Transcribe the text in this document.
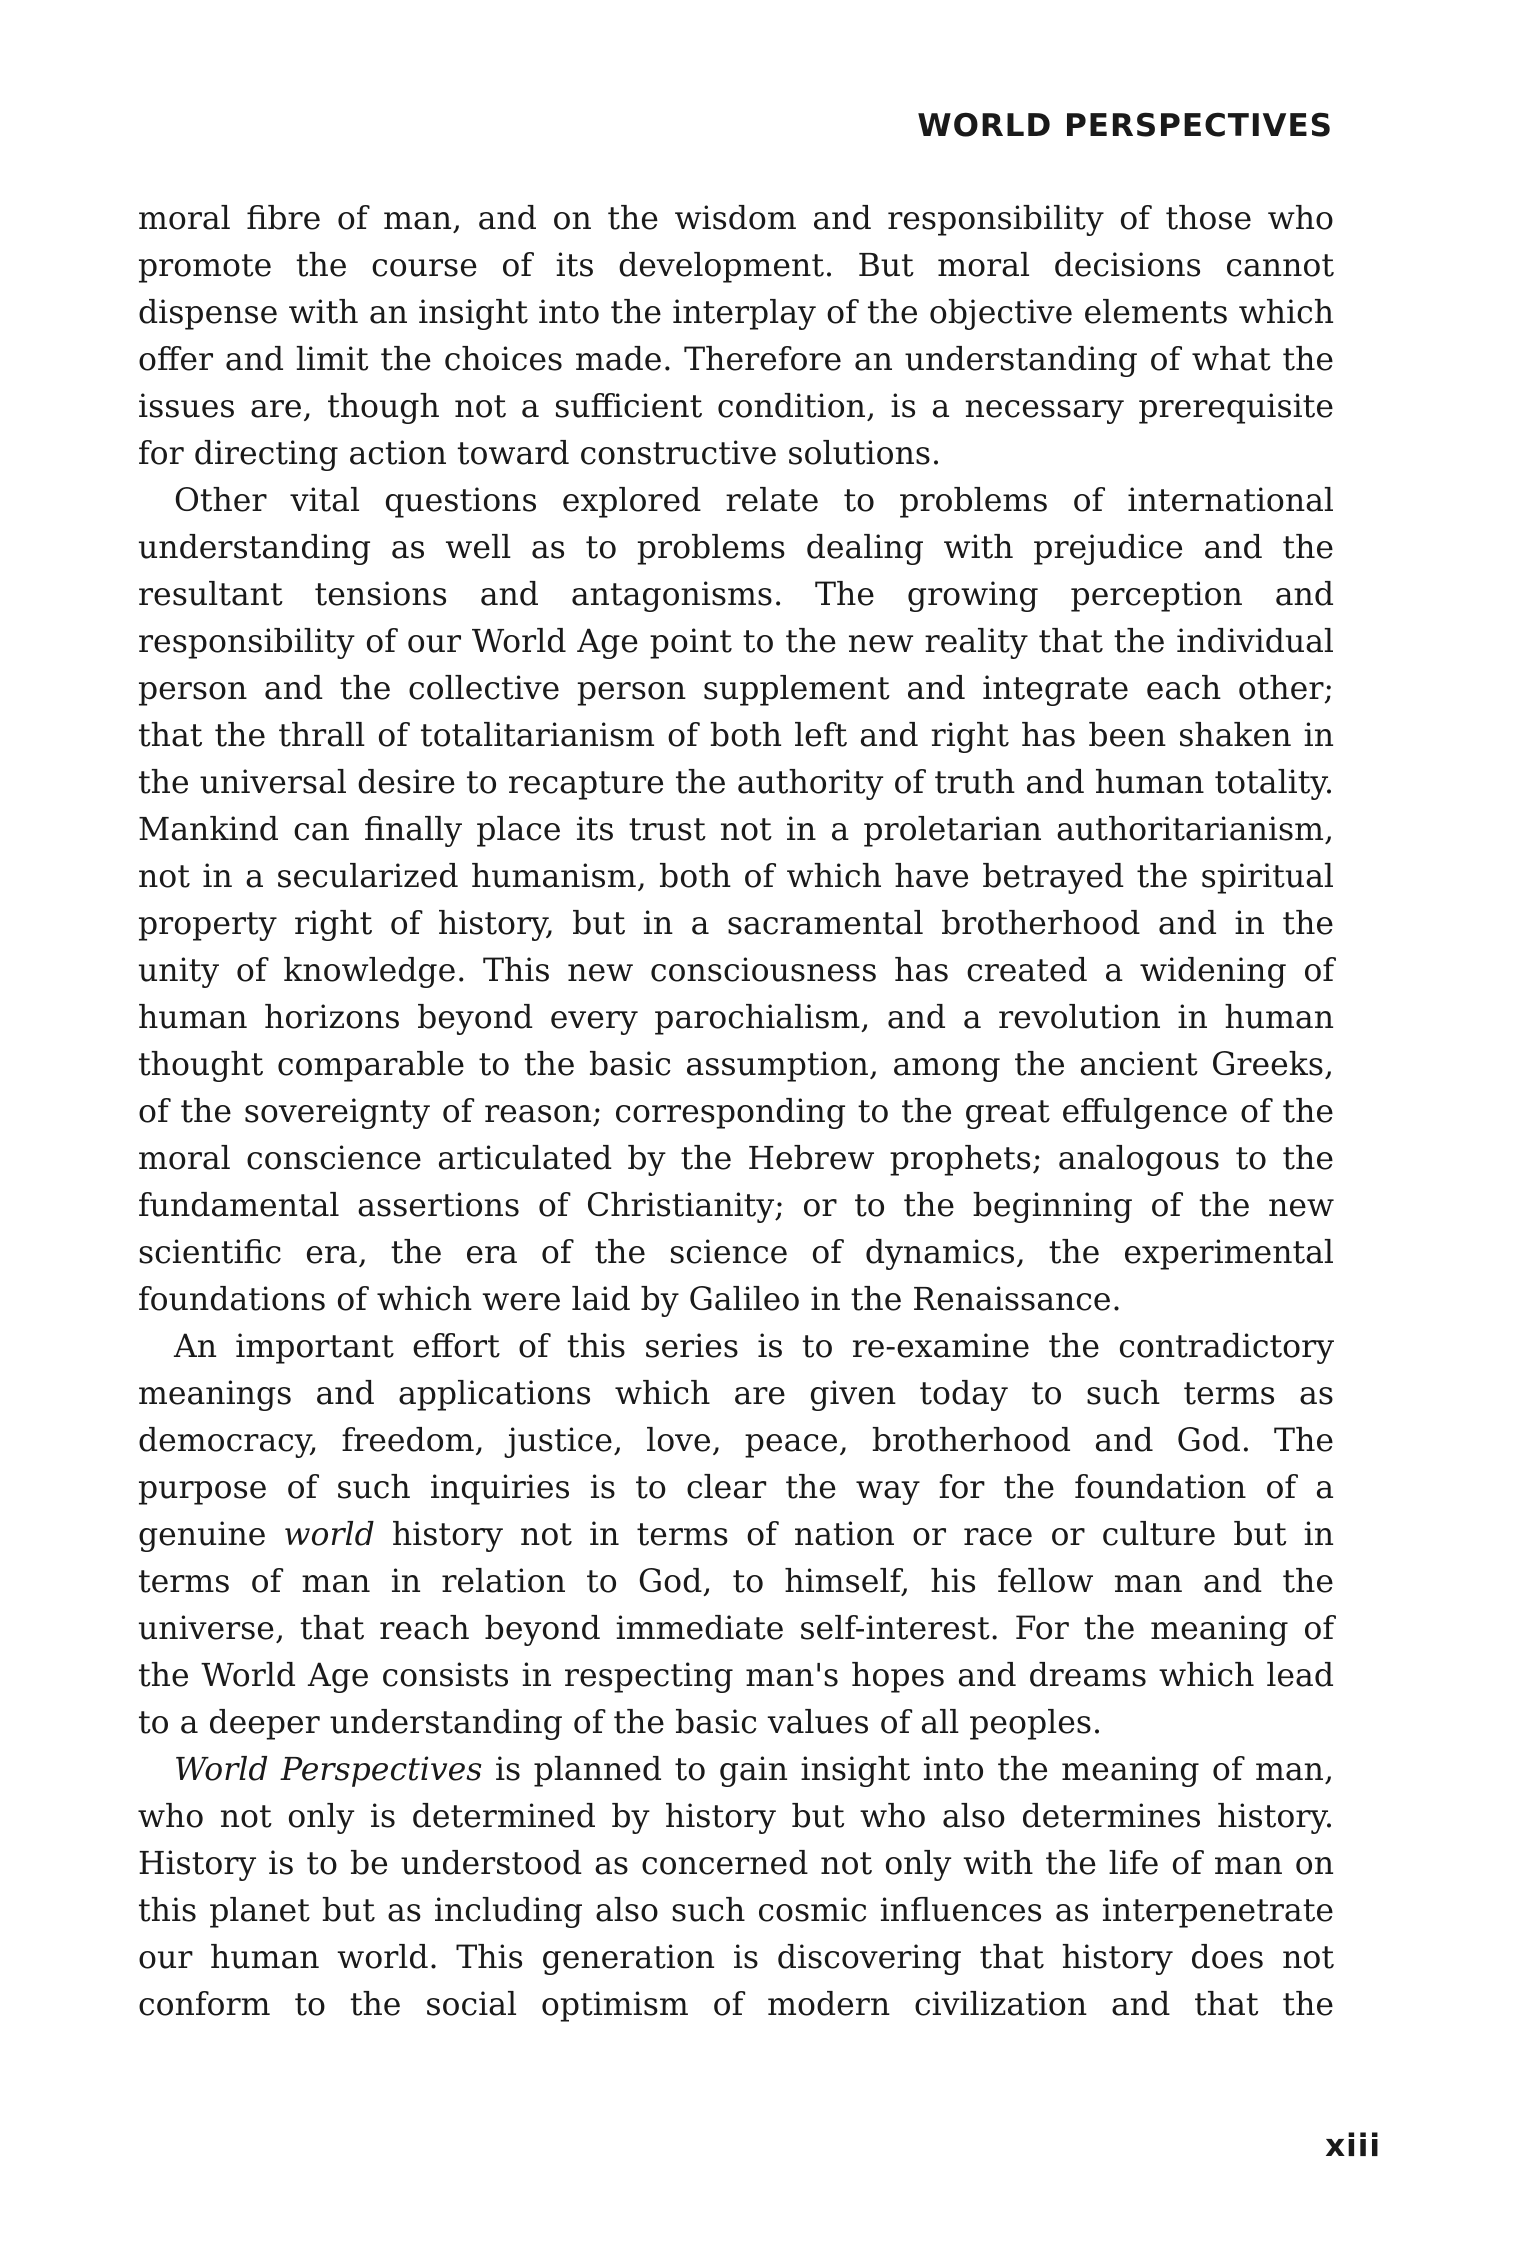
WORLD PERSPECTIVES

moral fibre of man, and on the wisdom and responsibility of those who promote the course of its development. But moral decisions cannot dispense with an insight into the interplay of the objective elements which offer and limit the choices made. Therefore an understanding of what the issues are, though not a sufficient condition, is a necessary prerequisite for directing action toward constructive solutions.

Other vital questions explored relate to problems of international understanding as well as to problems dealing with prejudice and the resultant tensions and antagonisms. The growing perception and responsibility of our World Age point to the new reality that the individual person and the collective person supplement and integrate each other; that the thrall of totalitarianism of both left and right has been shaken in the universal desire to recapture the authority of truth and human totality. Mankind can finally place its trust not in a proletarian authoritarianism, not in a secularized humanism, both of which have betrayed the spiritual property right of history, but in a sacramental brotherhood and in the unity of knowledge. This new consciousness has created a widening of human horizons beyond every parochialism, and a revolution in human thought comparable to the basic assumption, among the ancient Greeks, of the sovereignty of reason; corresponding to the great effulgence of the moral conscience articulated by the Hebrew prophets; analogous to the fundamental assertions of Christianity; or to the beginning of the new scientific era, the era of the science of dynamics, the experimental foundations of which were laid by Galileo in the Renaissance.

An important effort of this series is to re-examine the contradictory meanings and applications which are given today to such terms as democracy, freedom, justice, love, peace, brotherhood and God. The purpose of such inquiries is to clear the way for the foundation of a genuine world history not in terms of nation or race or culture but in terms of man in relation to God, to himself, his fellow man and the universe, that reach beyond immediate self-interest. For the meaning of the World Age consists in respecting man's hopes and dreams which lead to a deeper understanding of the basic values of all peoples.

World Perspectives is planned to gain insight into the meaning of man, who not only is determined by history but who also determines history. History is to be understood as concerned not only with the life of man on this planet but as including also such cosmic influences as interpenetrate our human world. This generation is discovering that history does not conform to the social optimism of modern civilization and that the

xiii
